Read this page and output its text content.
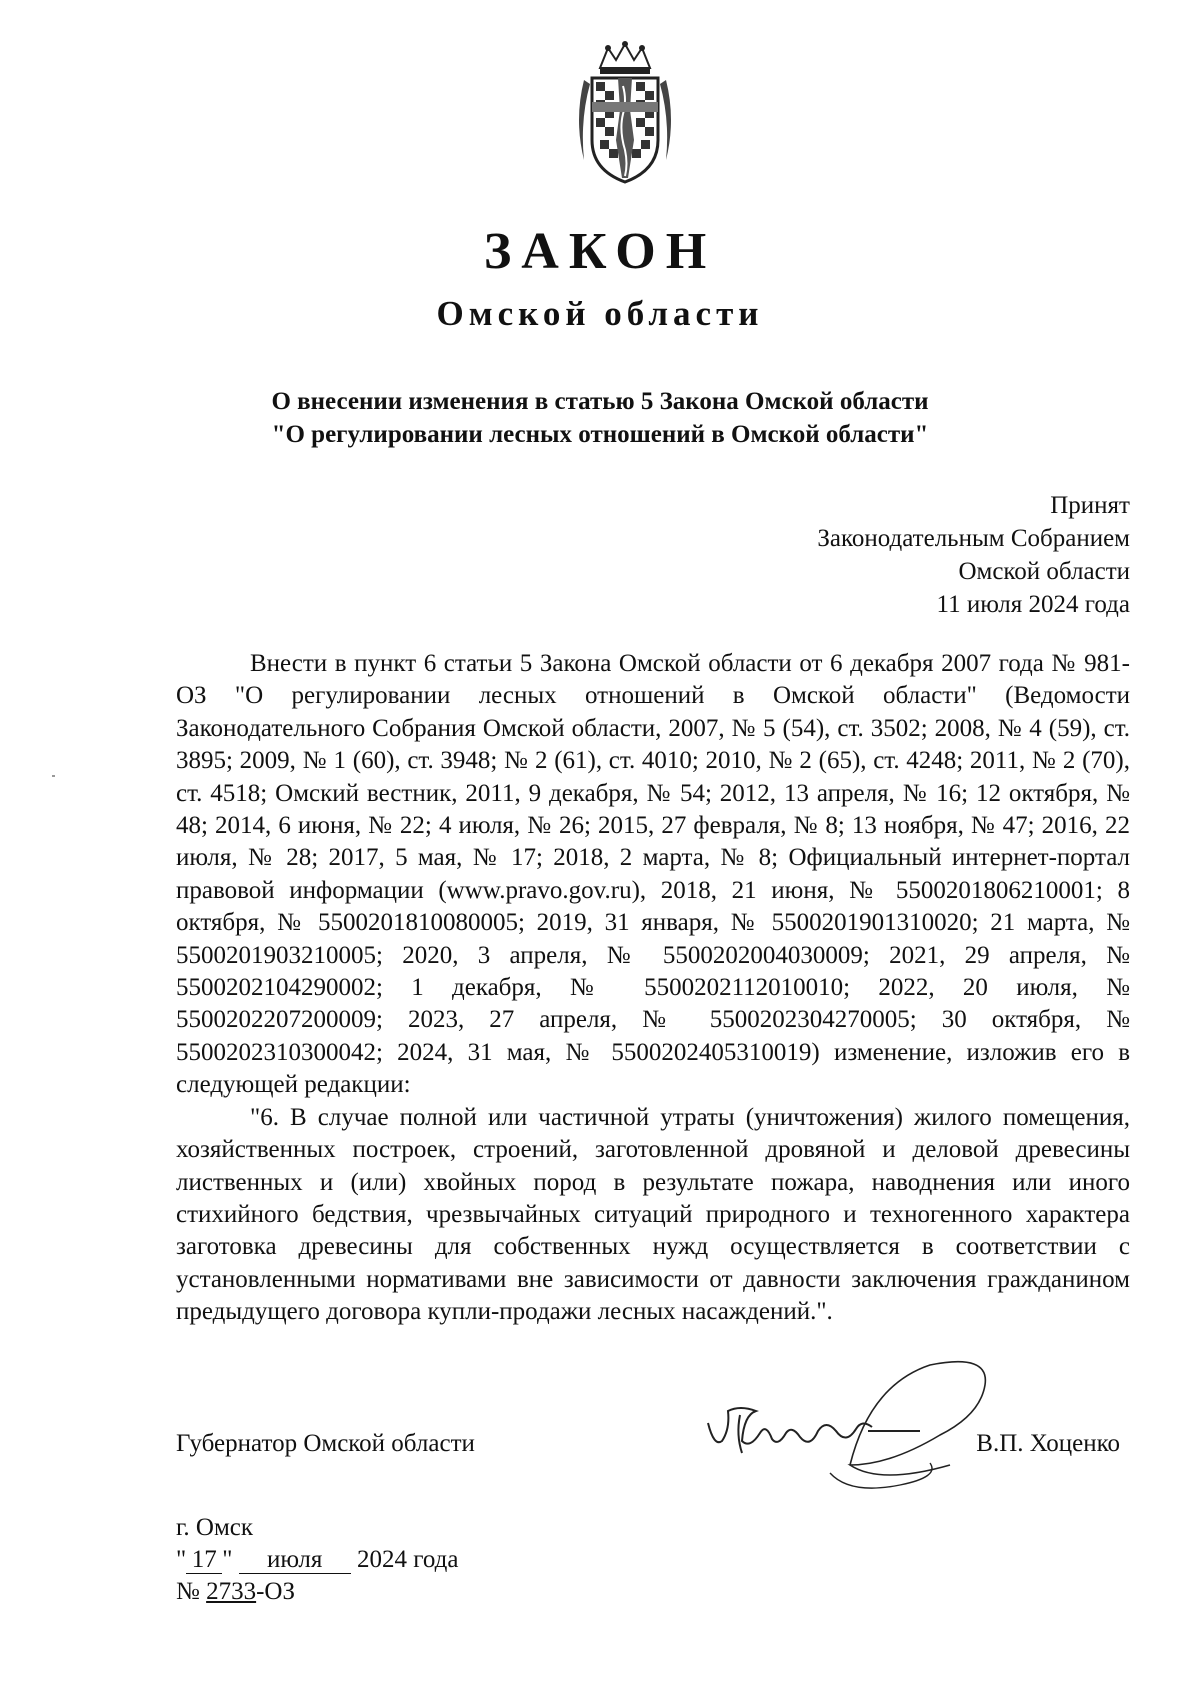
ЗАКОН
Омской области
О внесении изменения в статью 5 Закона Омской области
"О регулировании лесных отношений в Омской области"
Принят
Законодательным Собранием
Омской области
11 июля 2024 года

Внести в пункт 6 статьи 5 Закона Омской области от 6 декабря 2007 года № 981-ОЗ "О регулировании лесных отношений в Омской области" (Ведомости Законодательного Собрания Омской области, 2007, № 5 (54), ст. 3502; 2008, № 4 (59), ст. 3895; 2009, № 1 (60), ст. 3948; № 2 (61), ст. 4010; 2010, № 2 (65), ст. 4248; 2011, № 2 (70), ст. 4518; Омский вестник, 2011, 9 декабря, № 54; 2012, 13 апреля, № 16; 12 октября, № 48; 2014, 6 июня, № 22; 4 июля, № 26; 2015, 27 февраля, № 8; 13 ноября, № 47; 2016, 22 июля, № 28; 2017, 5 мая, № 17; 2018, 2 марта, № 8; Официальный интернет-портал правовой информации (www.pravo.gov.ru), 2018, 21 июня, № 5500201806210001; 8 октября, № 5500201810080005; 2019, 31 января, № 5500201901310020; 21 марта, № 5500201903210005; 2020, 3 апреля, № 5500202004030009; 2021, 29 апреля, № 5500202104290002; 1 декабря, № 5500202112010010; 2022, 20 июля, № 5500202207200009; 2023, 27 апреля, № 5500202304270005; 30 октября, № 5500202310300042; 2024, 31 мая, № 5500202405310019) изменение, изложив его в следующей редакции:

"6. В случае полной или частичной утраты (уничтожения) жилого помещения, хозяйственных построек, строений, заготовленной дровяной и деловой древесины лиственных и (или) хвойных пород в результате пожара, наводнения или иного стихийного бедствия, чрезвычайных ситуаций природного и техногенного характера заготовка древесины для собственных нужд осуществляется в соответствии с установленными нормативами вне зависимости от давности заключения гражданином предыдущего договора купли-продажи лесных насаждений.".

Губернатор Омской области	В.П. Хоценко
г. Омск
" 17 " июля 2024 года
№ 2733-ОЗ
